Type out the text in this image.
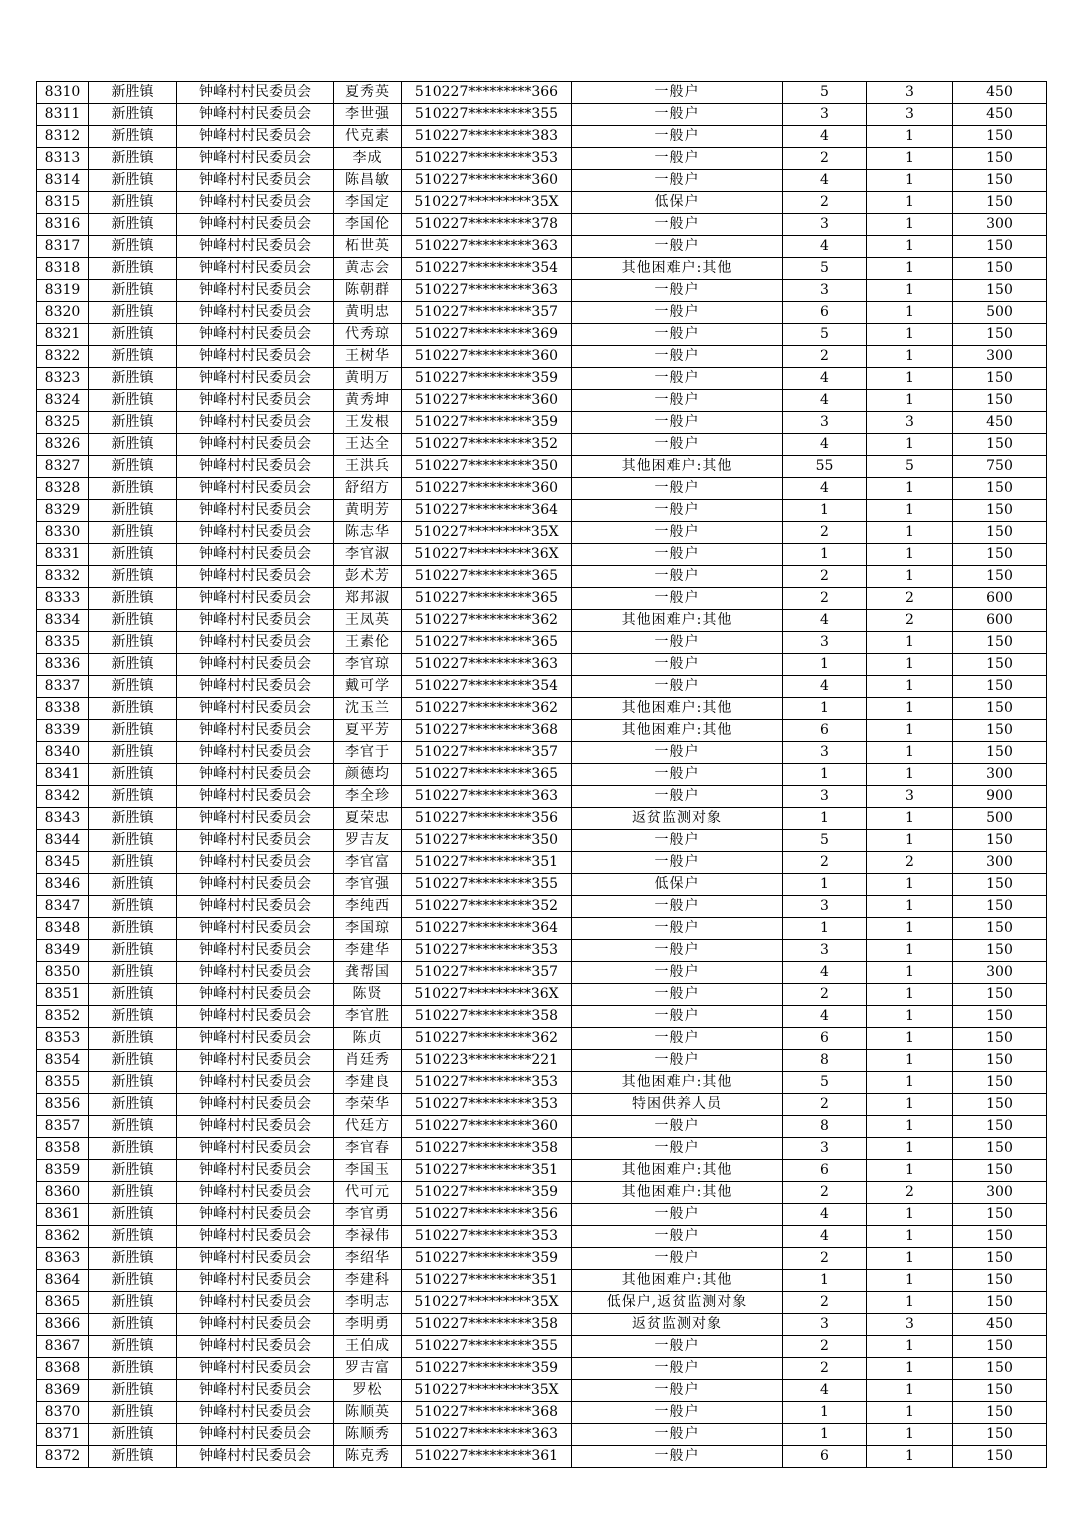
8310	新胜镇	钟峰村村民委员会	夏秀英	510227*********366	一般户	5	3	450
8311	新胜镇	钟峰村村民委员会	李世强	510227*********355	一般户	3	3	450
8312	新胜镇	钟峰村村民委员会	代克素	510227*********383	一般户	4	1	150
8313	新胜镇	钟峰村村民委员会	李成	510227*********353	一般户	2	1	150
8314	新胜镇	钟峰村村民委员会	陈昌敏	510227*********360	一般户	4	1	150
8315	新胜镇	钟峰村村民委员会	李国定	510227*********35X	低保户	2	1	150
8316	新胜镇	钟峰村村民委员会	李国伦	510227*********378	一般户	3	1	300
8317	新胜镇	钟峰村村民委员会	柘世英	510227*********363	一般户	4	1	150
8318	新胜镇	钟峰村村民委员会	黄志会	510227*********354	其他困难户:其他	5	1	150
8319	新胜镇	钟峰村村民委员会	陈朝群	510227*********363	一般户	3	1	150
8320	新胜镇	钟峰村村民委员会	黄明忠	510227*********357	一般户	6	1	500
8321	新胜镇	钟峰村村民委员会	代秀琼	510227*********369	一般户	5	1	150
8322	新胜镇	钟峰村村民委员会	王树华	510227*********360	一般户	2	1	300
8323	新胜镇	钟峰村村民委员会	黄明万	510227*********359	一般户	4	1	150
8324	新胜镇	钟峰村村民委员会	黄秀坤	510227*********360	一般户	4	1	150
8325	新胜镇	钟峰村村民委员会	王发根	510227*********359	一般户	3	3	450
8326	新胜镇	钟峰村村民委员会	王达全	510227*********352	一般户	4	1	150
8327	新胜镇	钟峰村村民委员会	王洪兵	510227*********350	其他困难户:其他	55	5	750
8328	新胜镇	钟峰村村民委员会	舒绍方	510227*********360	一般户	4	1	150
8329	新胜镇	钟峰村村民委员会	黄明芳	510227*********364	一般户	1	1	150
8330	新胜镇	钟峰村村民委员会	陈志华	510227*********35X	一般户	2	1	150
8331	新胜镇	钟峰村村民委员会	李官淑	510227*********36X	一般户	1	1	150
8332	新胜镇	钟峰村村民委员会	彭术芳	510227*********365	一般户	2	1	150
8333	新胜镇	钟峰村村民委员会	郑邦淑	510227*********365	一般户	2	2	600
8334	新胜镇	钟峰村村民委员会	王凤英	510227*********362	其他困难户:其他	4	2	600
8335	新胜镇	钟峰村村民委员会	王素伦	510227*********365	一般户	3	1	150
8336	新胜镇	钟峰村村民委员会	李官琼	510227*********363	一般户	1	1	150
8337	新胜镇	钟峰村村民委员会	戴可学	510227*********354	一般户	4	1	150
8338	新胜镇	钟峰村村民委员会	沈玉兰	510227*********362	其他困难户:其他	1	1	150
8339	新胜镇	钟峰村村民委员会	夏平芳	510227*********368	其他困难户:其他	6	1	150
8340	新胜镇	钟峰村村民委员会	李官于	510227*********357	一般户	3	1	150
8341	新胜镇	钟峰村村民委员会	颜德均	510227*********365	一般户	1	1	300
8342	新胜镇	钟峰村村民委员会	李全珍	510227*********363	一般户	3	3	900
8343	新胜镇	钟峰村村民委员会	夏荣忠	510227*********356	返贫监测对象	1	1	500
8344	新胜镇	钟峰村村民委员会	罗吉友	510227*********350	一般户	5	1	150
8345	新胜镇	钟峰村村民委员会	李官富	510227*********351	一般户	2	2	300
8346	新胜镇	钟峰村村民委员会	李官强	510227*********355	低保户	1	1	150
8347	新胜镇	钟峰村村民委员会	李纯西	510227*********352	一般户	3	1	150
8348	新胜镇	钟峰村村民委员会	李国琼	510227*********364	一般户	1	1	150
8349	新胜镇	钟峰村村民委员会	李建华	510227*********353	一般户	3	1	150
8350	新胜镇	钟峰村村民委员会	龚帮国	510227*********357	一般户	4	1	300
8351	新胜镇	钟峰村村民委员会	陈贤	510227*********36X	一般户	2	1	150
8352	新胜镇	钟峰村村民委员会	李官胜	510227*********358	一般户	4	1	150
8353	新胜镇	钟峰村村民委员会	陈贞	510227*********362	一般户	6	1	150
8354	新胜镇	钟峰村村民委员会	肖廷秀	510223*********221	一般户	8	1	150
8355	新胜镇	钟峰村村民委员会	李建良	510227*********353	其他困难户:其他	5	1	150
8356	新胜镇	钟峰村村民委员会	李荣华	510227*********353	特困供养人员	2	1	150
8357	新胜镇	钟峰村村民委员会	代廷方	510227*********360	一般户	8	1	150
8358	新胜镇	钟峰村村民委员会	李官春	510227*********358	一般户	3	1	150
8359	新胜镇	钟峰村村民委员会	李国玉	510227*********351	其他困难户:其他	6	1	150
8360	新胜镇	钟峰村村民委员会	代可元	510227*********359	其他困难户:其他	2	2	300
8361	新胜镇	钟峰村村民委员会	李官勇	510227*********356	一般户	4	1	150
8362	新胜镇	钟峰村村民委员会	李禄伟	510227*********353	一般户	4	1	150
8363	新胜镇	钟峰村村民委员会	李绍华	510227*********359	一般户	2	1	150
8364	新胜镇	钟峰村村民委员会	李建科	510227*********351	其他困难户:其他	1	1	150
8365	新胜镇	钟峰村村民委员会	李明志	510227*********35X	低保户,返贫监测对象	2	1	150
8366	新胜镇	钟峰村村民委员会	李明勇	510227*********358	返贫监测对象	3	3	450
8367	新胜镇	钟峰村村民委员会	王伯成	510227*********355	一般户	2	1	150
8368	新胜镇	钟峰村村民委员会	罗吉富	510227*********359	一般户	2	1	150
8369	新胜镇	钟峰村村民委员会	罗松	510227*********35X	一般户	4	1	150
8370	新胜镇	钟峰村村民委员会	陈顺英	510227*********368	一般户	1	1	150
8371	新胜镇	钟峰村村民委员会	陈顺秀	510227*********363	一般户	1	1	150
8372	新胜镇	钟峰村村民委员会	陈克秀	510227*********361	一般户	6	1	150
